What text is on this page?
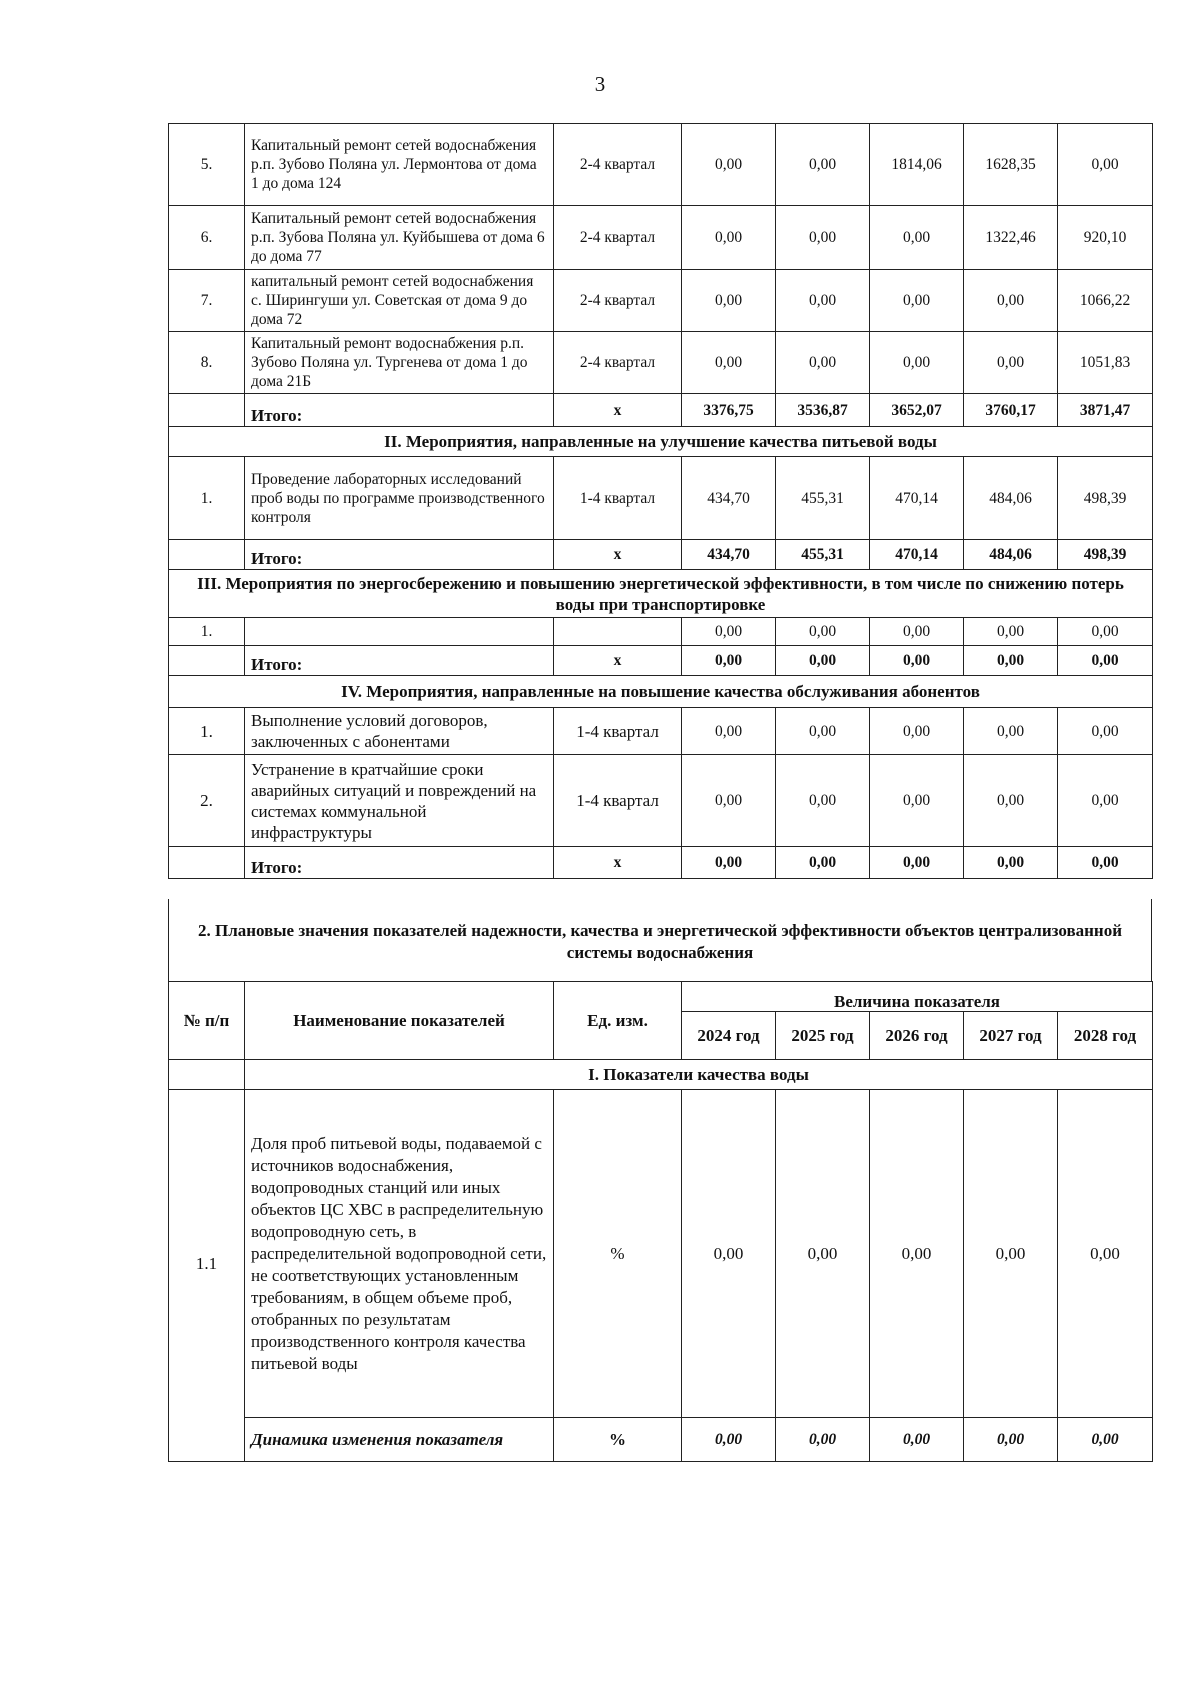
3
5.	Капитальный ремонт сетей водоснабжения р.п. Зубово Поляна ул. Лермонтова от дома 1 до дома 124	2-4 квартал	0,00	0,00	1814,06	1628,35	0,00
6.	Капитальный ремонт сетей водоснабжения р.п. Зубова Поляна ул. Куйбышева от дома 6 до дома 77	2-4 квартал	0,00	0,00	0,00	1322,46	920,10
7.	капитальный ремонт сетей водоснабжения с. Ширингуши ул. Советская от дома 9 до дома 72	2-4 квартал	0,00	0,00	0,00	0,00	1066,22
8.	Капитальный ремонт водоснабжения р.п. Зубово Поляна ул. Тургенева от дома 1 до дома 21Б	2-4 квартал	0,00	0,00	0,00	0,00	1051,83
	Итого:	х	3376,75	3536,87	3652,07	3760,17	3871,47
II. Мероприятия, направленные на улучшение качества питьевой воды							
1.	Проведение лабораторных исследований проб воды по программе производственного контроля	1-4 квартал	434,70	455,31	470,14	484,06	498,39
	Итого:	х	434,70	455,31	470,14	484,06	498,39
III. Мероприятия по энергосбережению и повышению энергетической эффективности, в том числе по снижению потерь воды при транспортировке							
1.			0,00	0,00	0,00	0,00	0,00
	Итого:	х	0,00	0,00	0,00	0,00	0,00
IV. Мероприятия, направленные на повышение качества обслуживания абонентов							
1.	Выполнение условий договоров, заключенных с абонентами	1-4 квартал	0,00	0,00	0,00	0,00	0,00
2.	Устранение в кратчайшие сроки аварийных ситуаций и повреждений на системах коммунальной инфраструктуры	1-4 квартал	0,00	0,00	0,00	0,00	0,00
	Итого:	х	0,00	0,00	0,00	0,00	0,00
2. Плановые значения показателей надежности, качества и энергетической эффективности объектов централизованной системы водоснабжения
№ п/п	Наименование показателей	Ед. изм.	Величина показателя				
			2024 год	2025 год	2026 год	2027 год	2028 год
	I. Показатели качества воды						
1.1	Доля проб питьевой воды, подаваемой с источников водоснабжения, водопроводных станций или иных объектов ЦС ХВС в распределительную водопроводную сеть, в распределительной водопроводной сети, не соответствующих установленным требованиям, в общем объеме проб, отобранных по результатам производственного контроля качества питьевой воды	%	0,00	0,00	0,00	0,00	0,00
	Динамика изменения показателя	%	0,00	0,00	0,00	0,00	0,00
